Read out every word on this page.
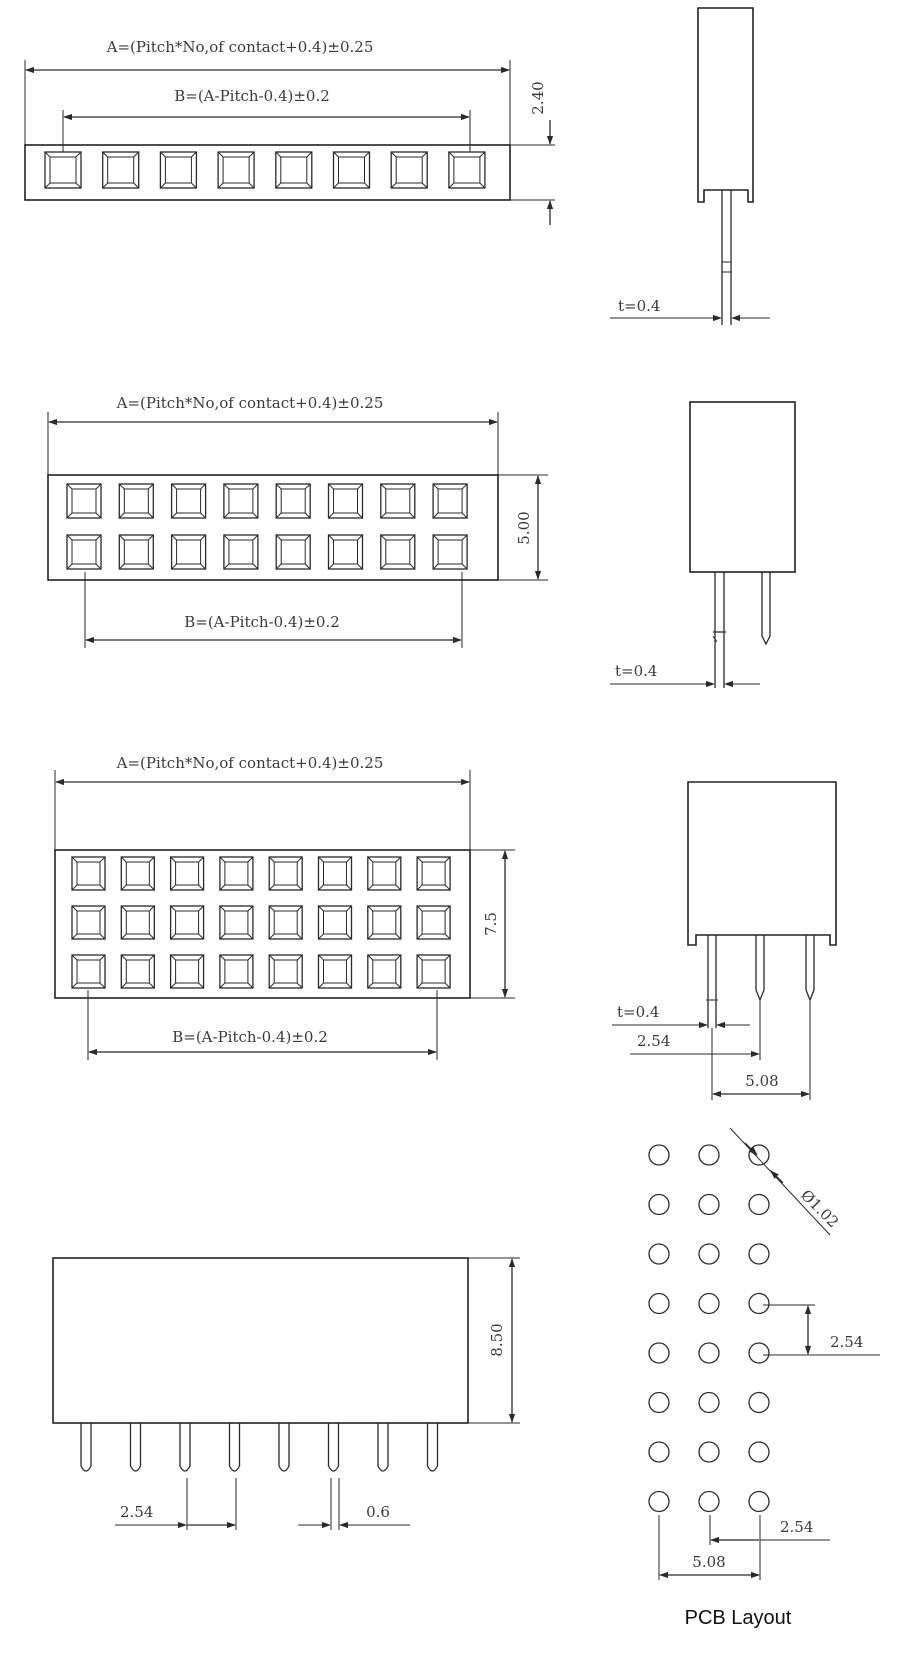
A=(Pitch*No,of contact+0.4)±0.25
B=(A-Pitch-0.4)±0.2	2.40
t=0.4
A=(Pitch*No,of contact+0.4)±0.25
B=(A-Pitch-0.4)±0.2
5.00
t=0.4
A=(Pitch*No,of contact+0.4)±0.25
B=(A-Pitch-0.4)±0.2
7.5
t=0.4
2.54
5.08
8.50
2.54	0.6
Ø1.02
2.54
2.54
5.08
PCB Layout
